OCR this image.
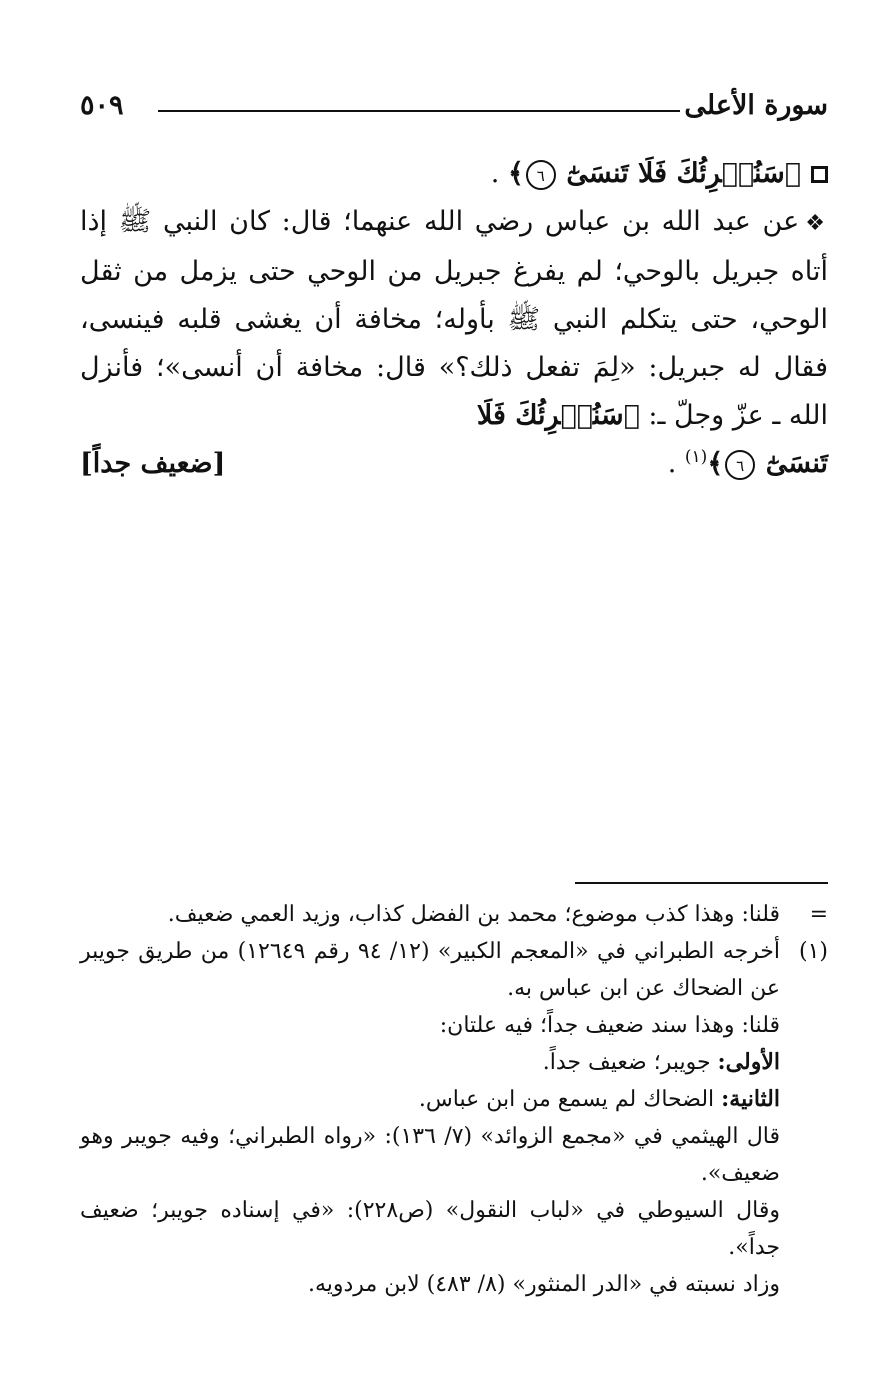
سورة الأعلى
٥٠٩

﴿سَنُقۡرِئُكَ فَلَا تَنسَىٰٓ ٦﴾ .

❖عن عبد الله بن عباس رضي الله عنهما؛ قال: كان النبي ﷺ إذا أتاه جبريل بالوحي؛ لم يفرغ جبريل من الوحي حتى يزمل من ثقل الوحي، حتى يتكلم النبي ﷺ بأوله؛ مخافة أن يغشى قلبه فينسى، فقال له جبريل: «لِمَ تفعل ذلك؟» قال: مخافة أن أنسى»؛ فأنزل الله ـ عزّ وجلّ ـ: ﴿سَنُقۡرِئُكَ فَلَا

تَنسَىٰٓ ٦﴾$^{(١)}$ .
[ضعيف جداً]
=

قلنا: وهذا كذب موضوع؛ محمد بن الفضل كذاب، وزيد العمي ضعيف.

(١)

أخرجه الطبراني في «المعجم الكبير» (١٢/ ٩٤ رقم ١٢٦٤٩) من طريق جويبر عن الضحاك عن ابن عباس به.

قلنا: وهذا سند ضعيف جداً؛ فيه علتان:

الأولى: جويبر؛ ضعيف جداً.

الثانية: الضحاك لم يسمع من ابن عباس.

قال الهيثمي في «مجمع الزوائد» (٧/ ١٣٦): «رواه الطبراني؛ وفيه جويبر وهو ضعيف».

وقال السيوطي في «لباب النقول» (ص٢٢٨): «في إسناده جويبر؛ ضعيف جداً».

وزاد نسبته في «الدر المنثور» (٨/ ٤٨٣) لابن مردويه.
